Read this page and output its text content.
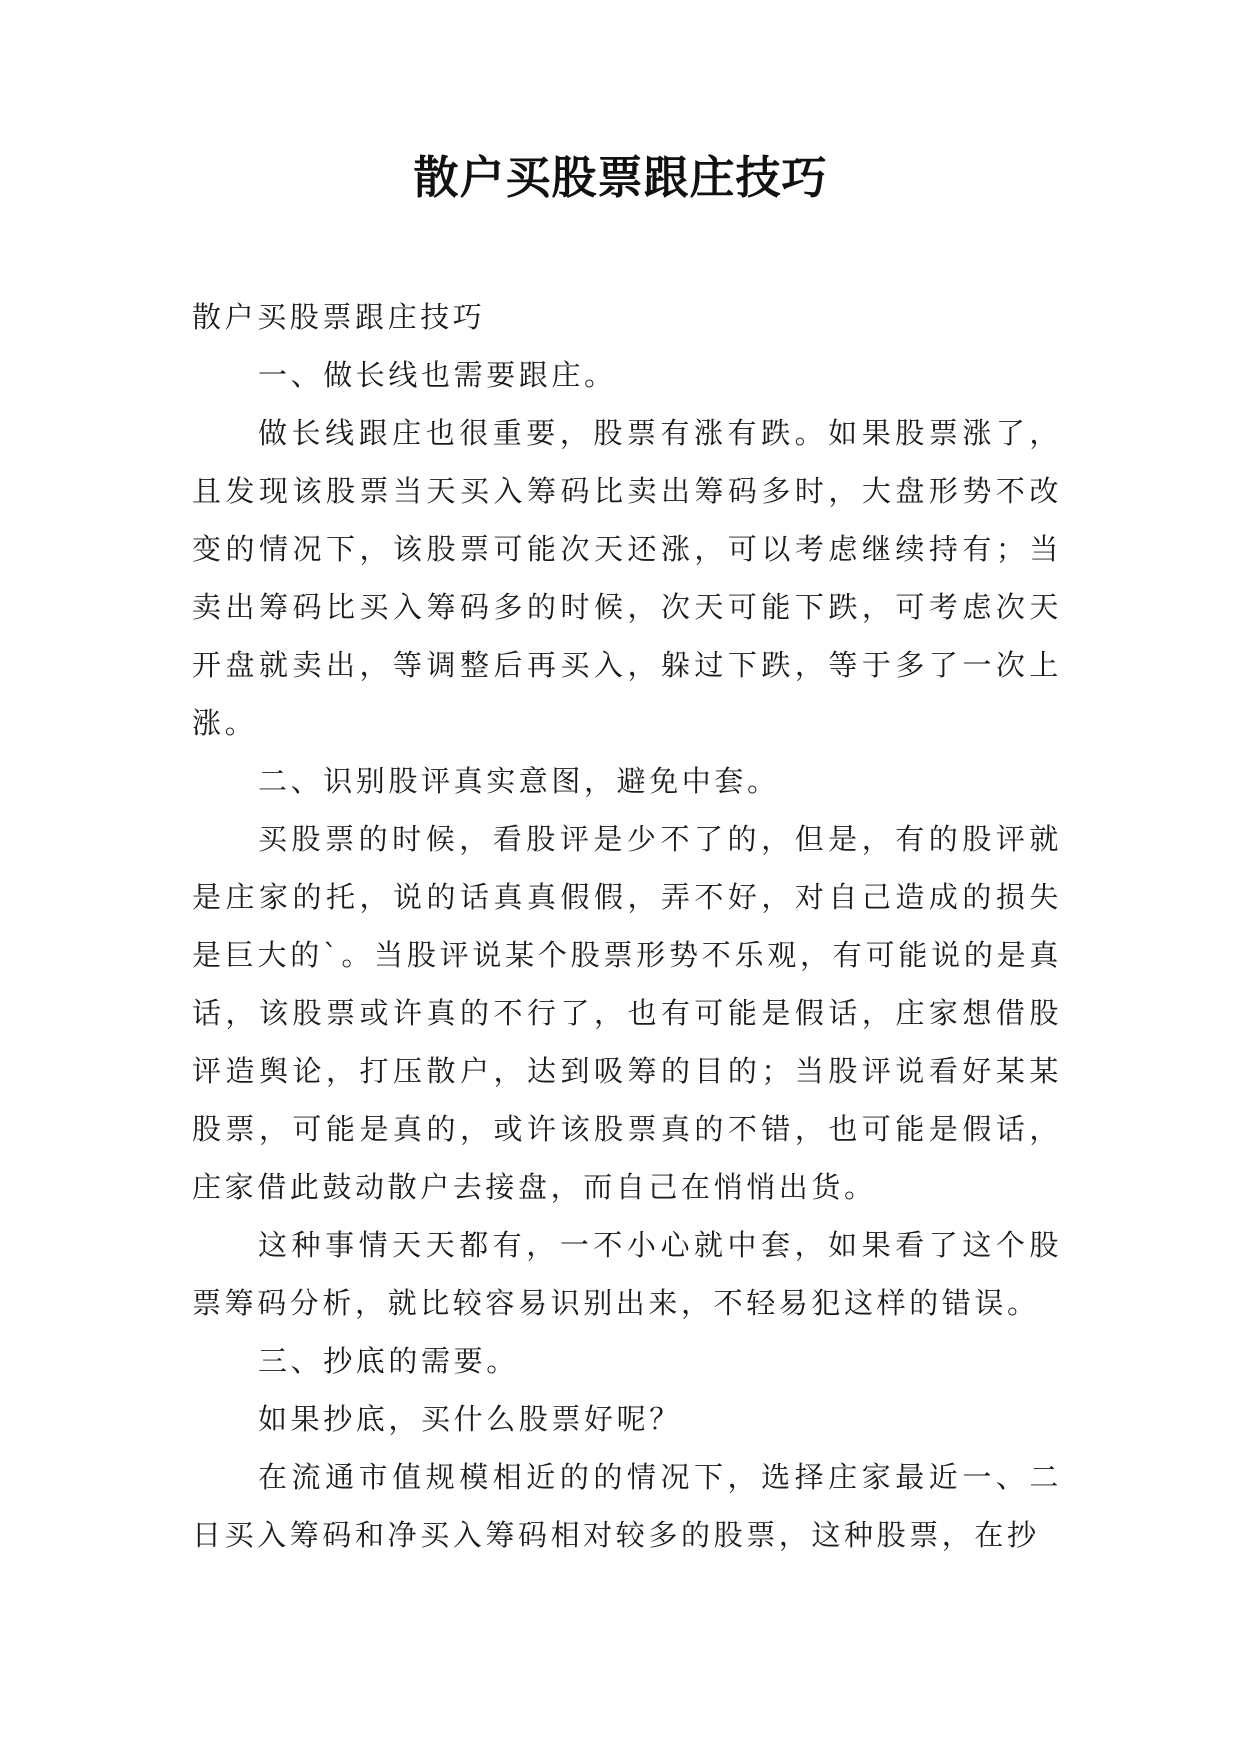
散户买股票跟庄技巧

散户买股票跟庄技巧

一、做长线也需要跟庄。

做长线跟庄也很重要，股票有涨有跌。如果股票涨了，且发现该股票当天买入筹码比卖出筹码多时，大盘形势不改变的情况下，该股票可能次天还涨，可以考虑继续持有；当卖出筹码比买入筹码多的时候，次天可能下跌，可考虑次天开盘就卖出，等调整后再买入，躲过下跌，等于多了一次上涨。

二、识别股评真实意图，避免中套。

买股票的时候，看股评是少不了的，但是，有的股评就是庄家的托，说的话真真假假，弄不好，对自己造成的损失是巨大的`。当股评说某个股票形势不乐观，有可能说的是真话，该股票或许真的不行了，也有可能是假话，庄家想借股评造舆论，打压散户，达到吸筹的目的；当股评说看好某某股票，可能是真的，或许该股票真的不错，也可能是假话，庄家借此鼓动散户去接盘，而自己在悄悄出货。

这种事情天天都有，一不小心就中套，如果看了这个股票筹码分析，就比较容易识别出来，不轻易犯这样的错误。

三、抄底的需要。

如果抄底，买什么股票好呢？

在流通市值规模相近的的情况下，选择庄家最近一、二日买入筹码和净买入筹码相对较多的股票，这种股票，在抄
